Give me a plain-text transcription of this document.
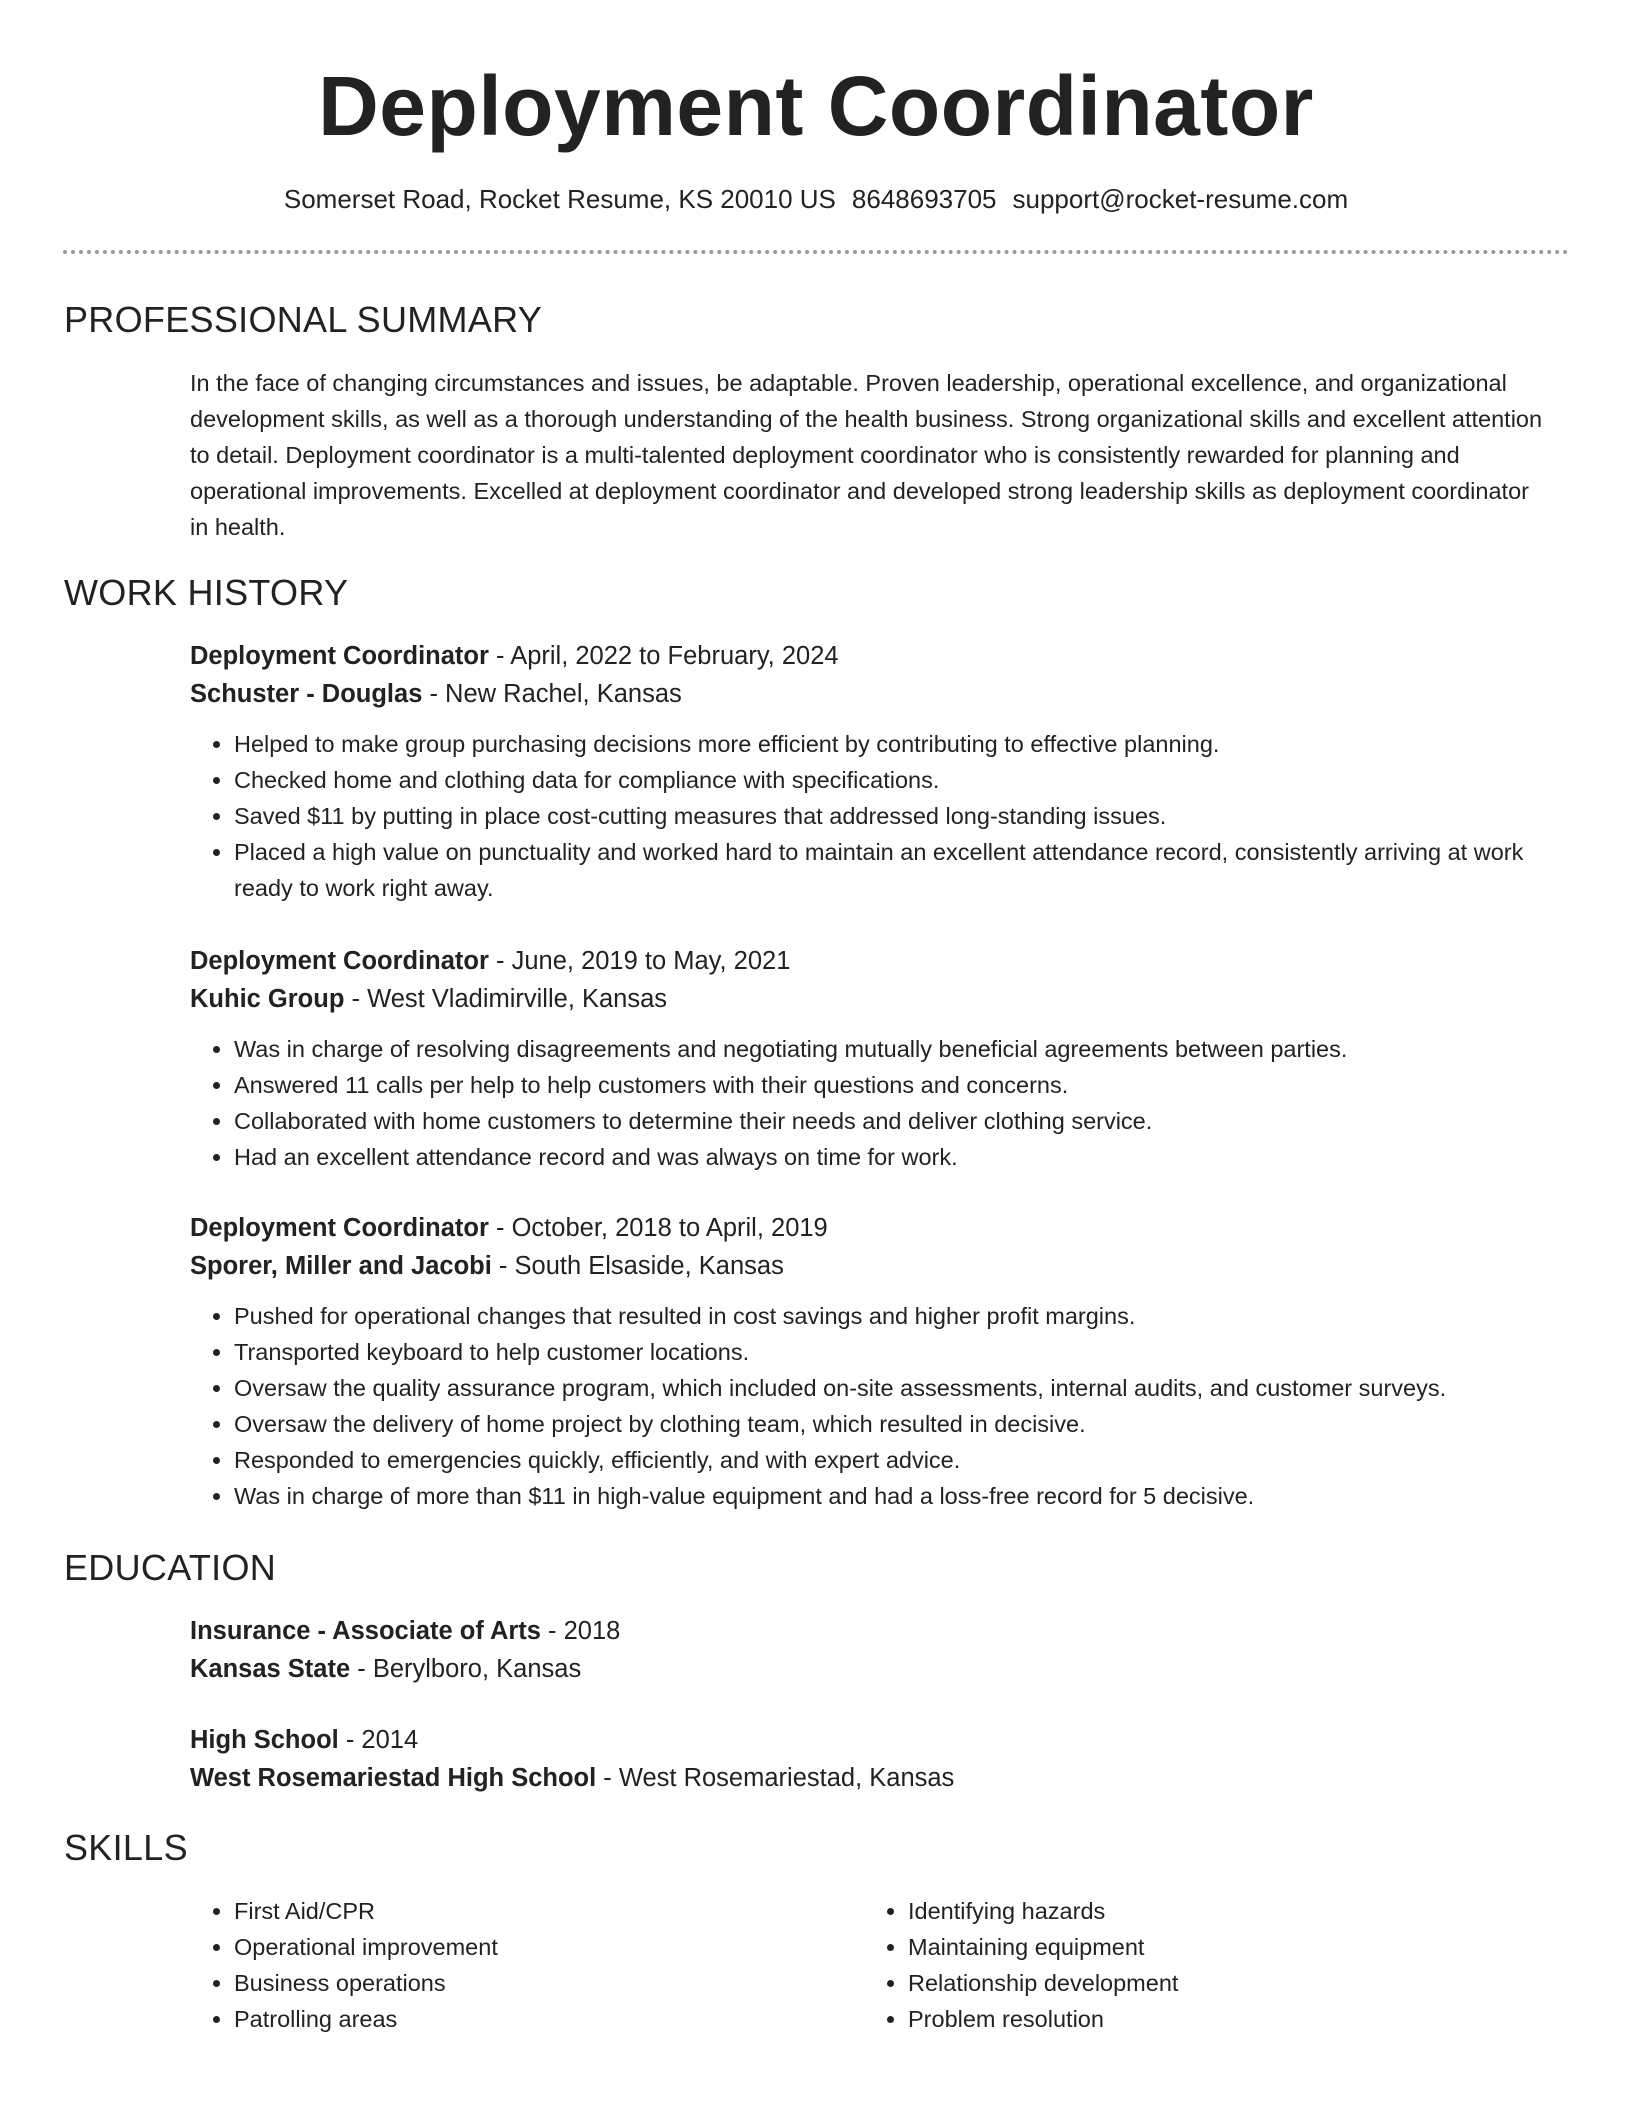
Deployment Coordinator
Somerset Road, Rocket Resume, KS 20010 US 8648693705 support@rocket-resume.com
PROFESSIONAL SUMMARY
In the face of changing circumstances and issues, be adaptable. Proven leadership, operational excellence, and organizational development skills, as well as a thorough understanding of the health business. Strong organizational skills and excellent attention to detail. Deployment coordinator is a multi-talented deployment coordinator who is consistently rewarded for planning and operational improvements. Excelled at deployment coordinator and developed strong leadership skills as deployment coordinator in health.
WORK HISTORY
Deployment Coordinator - April, 2022 to February, 2024
Schuster - Douglas - New Rachel, Kansas
• Helped to make group purchasing decisions more efficient by contributing to effective planning.
• Checked home and clothing data for compliance with specifications.
• Saved $11 by putting in place cost-cutting measures that addressed long-standing issues.
• Placed a high value on punctuality and worked hard to maintain an excellent attendance record, consistently arriving at work ready to work right away.
Deployment Coordinator - June, 2019 to May, 2021
Kuhic Group - West Vladimirville, Kansas
• Was in charge of resolving disagreements and negotiating mutually beneficial agreements between parties.
• Answered 11 calls per help to help customers with their questions and concerns.
• Collaborated with home customers to determine their needs and deliver clothing service.
• Had an excellent attendance record and was always on time for work.
Deployment Coordinator - October, 2018 to April, 2019
Sporer, Miller and Jacobi - South Elsaside, Kansas
• Pushed for operational changes that resulted in cost savings and higher profit margins.
• Transported keyboard to help customer locations.
• Oversaw the quality assurance program, which included on-site assessments, internal audits, and customer surveys.
• Oversaw the delivery of home project by clothing team, which resulted in decisive.
• Responded to emergencies quickly, efficiently, and with expert advice.
• Was in charge of more than $11 in high-value equipment and had a loss-free record for 5 decisive.
EDUCATION
Insurance - Associate of Arts - 2018
Kansas State - Berylboro, Kansas
High School - 2014
West Rosemariestad High School - West Rosemariestad, Kansas
SKILLS
• First Aid/CPR
• Operational improvement
• Business operations
• Patrolling areas
• Identifying hazards
• Maintaining equipment
• Relationship development
• Problem resolution
